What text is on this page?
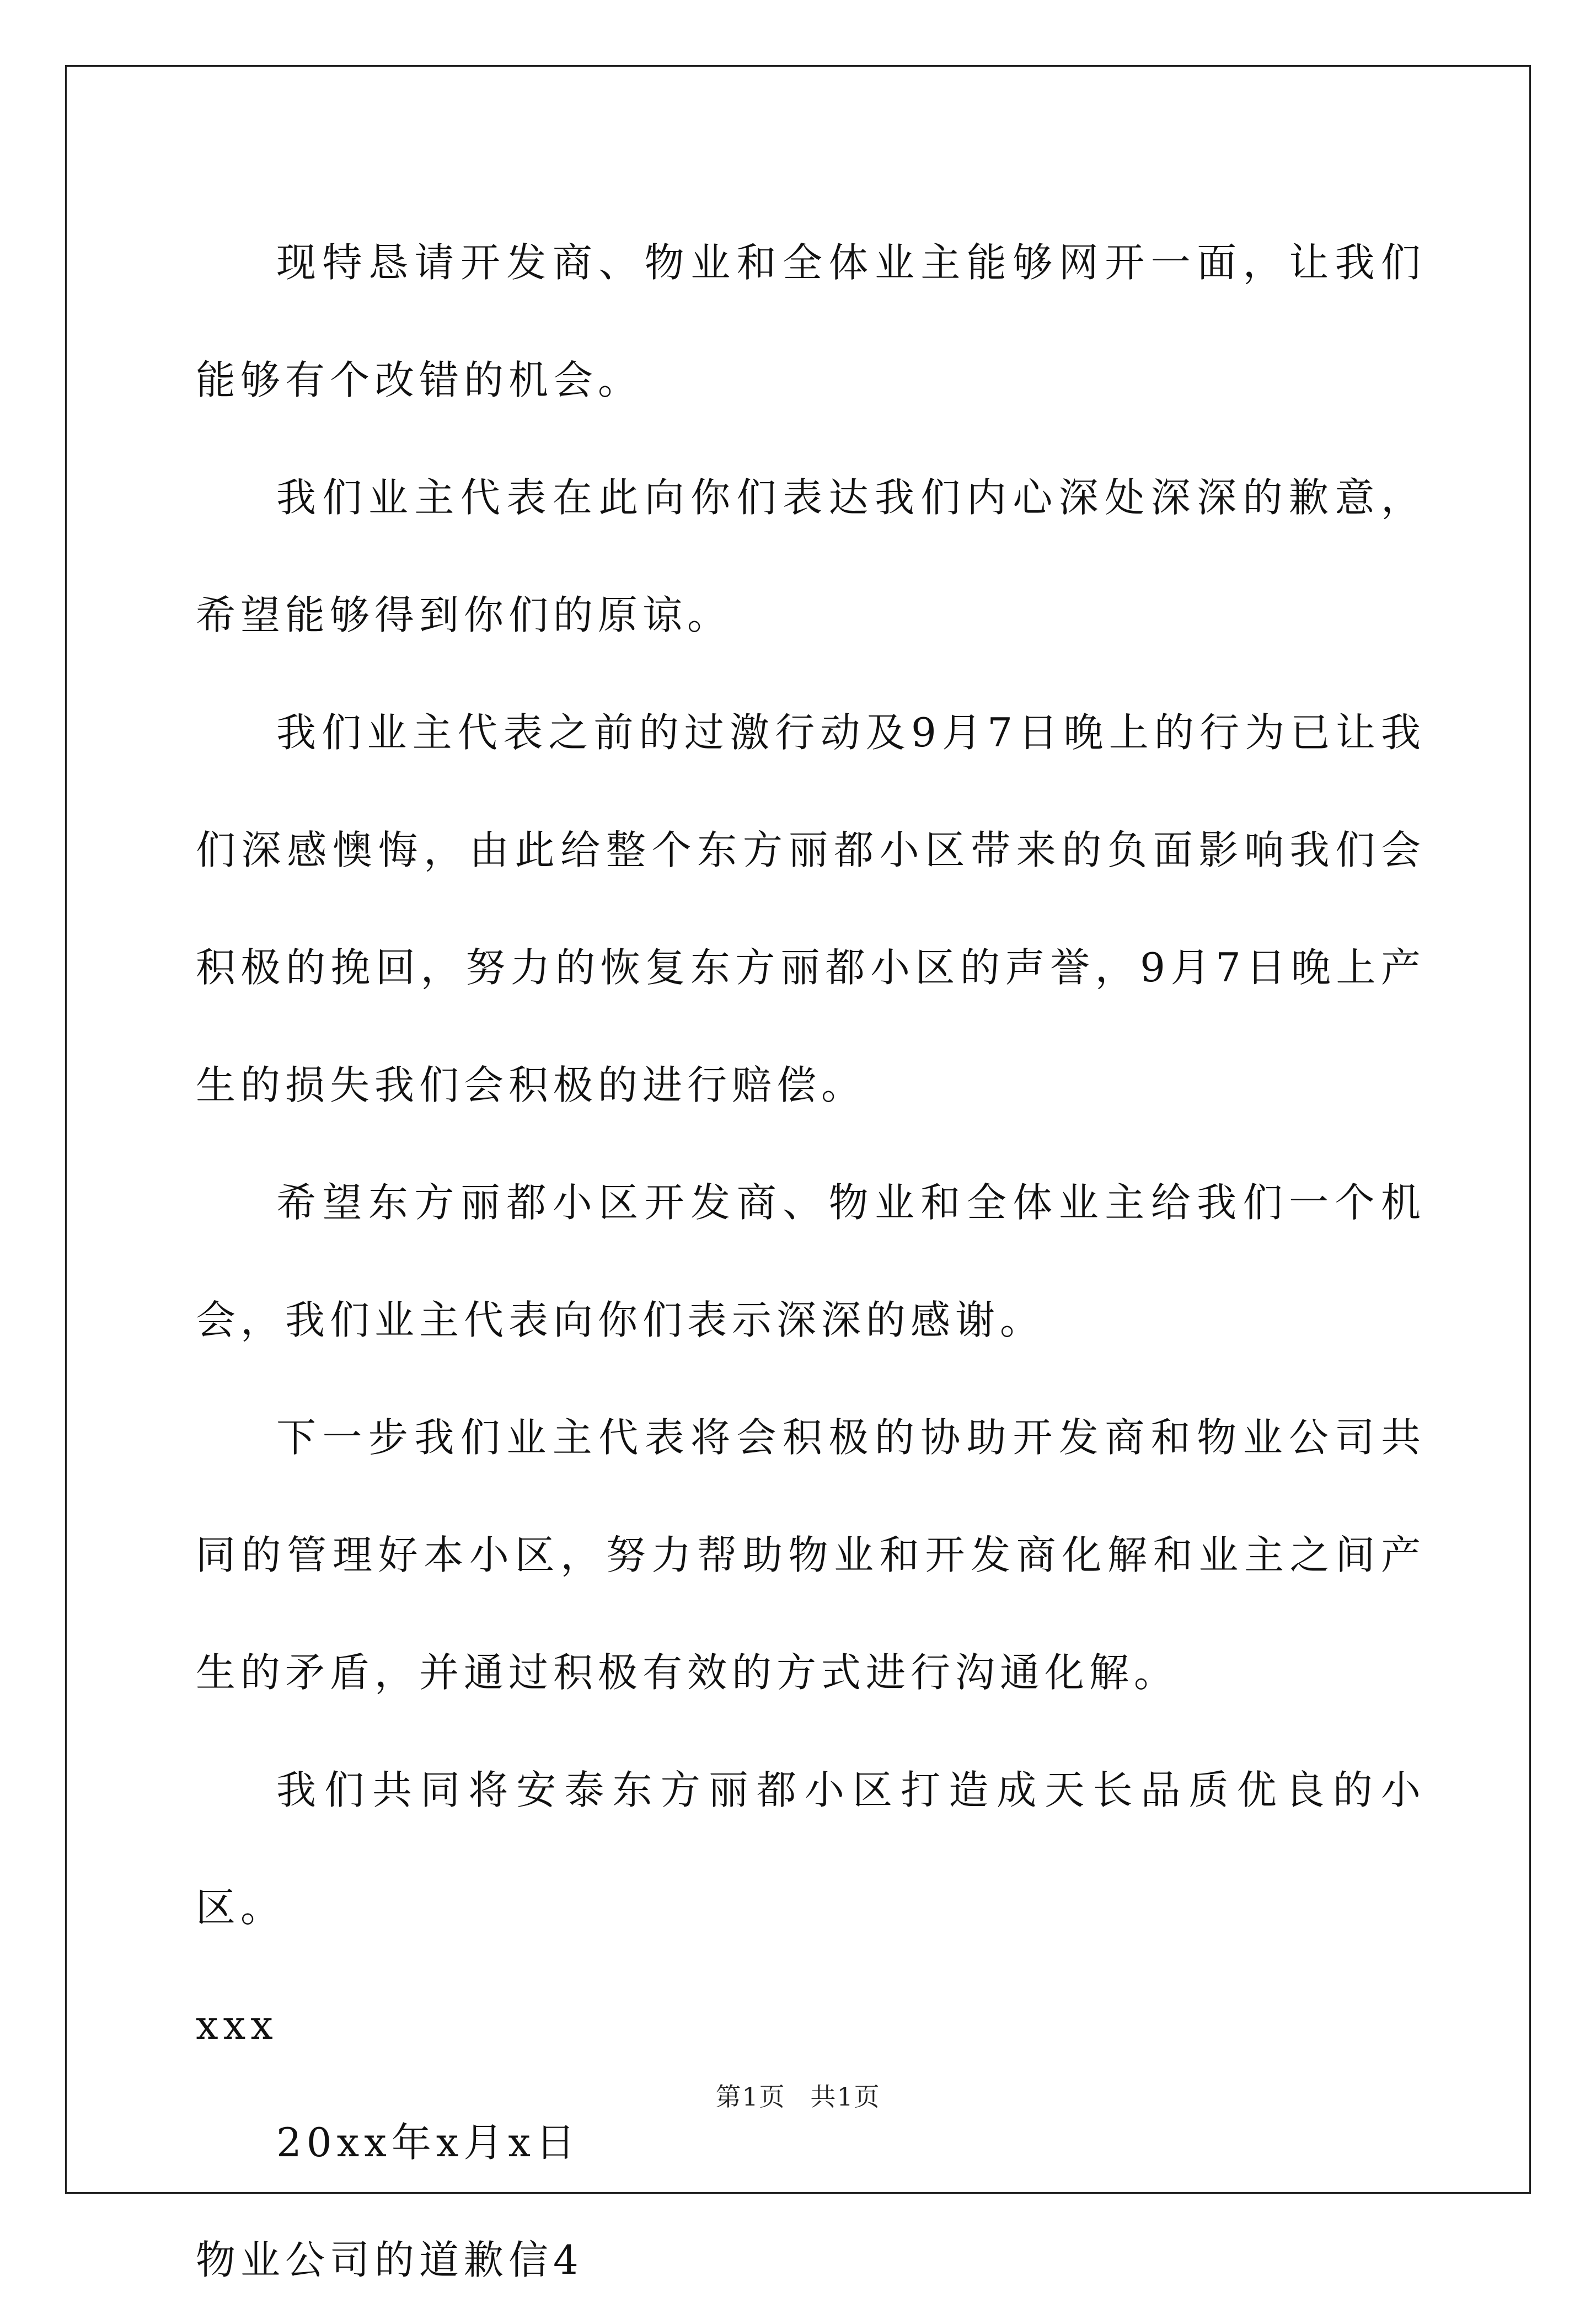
现特恳请开发商、物业和全体业主能够网开一面，让我们能够有个改错的机会。

我们业主代表在此向你们表达我们内心深处深深的歉意，希望能够得到你们的原谅。

我们业主代表之前的过激行动及9月7日晚上的行为已让我们深感懊悔，由此给整个东方丽都小区带来的负面影响我们会积极的挽回，努力的恢复东方丽都小区的声誉，9月7日晚上产生的损失我们会积极的进行赔偿。

希望东方丽都小区开发商、物业和全体业主给我们一个机会，我们业主代表向你们表示深深的感谢。

下一步我们业主代表将会积极的协助开发商和物业公司共同的管理好本小区，努力帮助物业和开发商化解和业主之间产生的矛盾，并通过积极有效的方式进行沟通化解。

我们共同将安泰东方丽都小区打造成天长品质优良的小区。

xxx

20xx年x月x日

物业公司的道歉信4

第1页 共1页
